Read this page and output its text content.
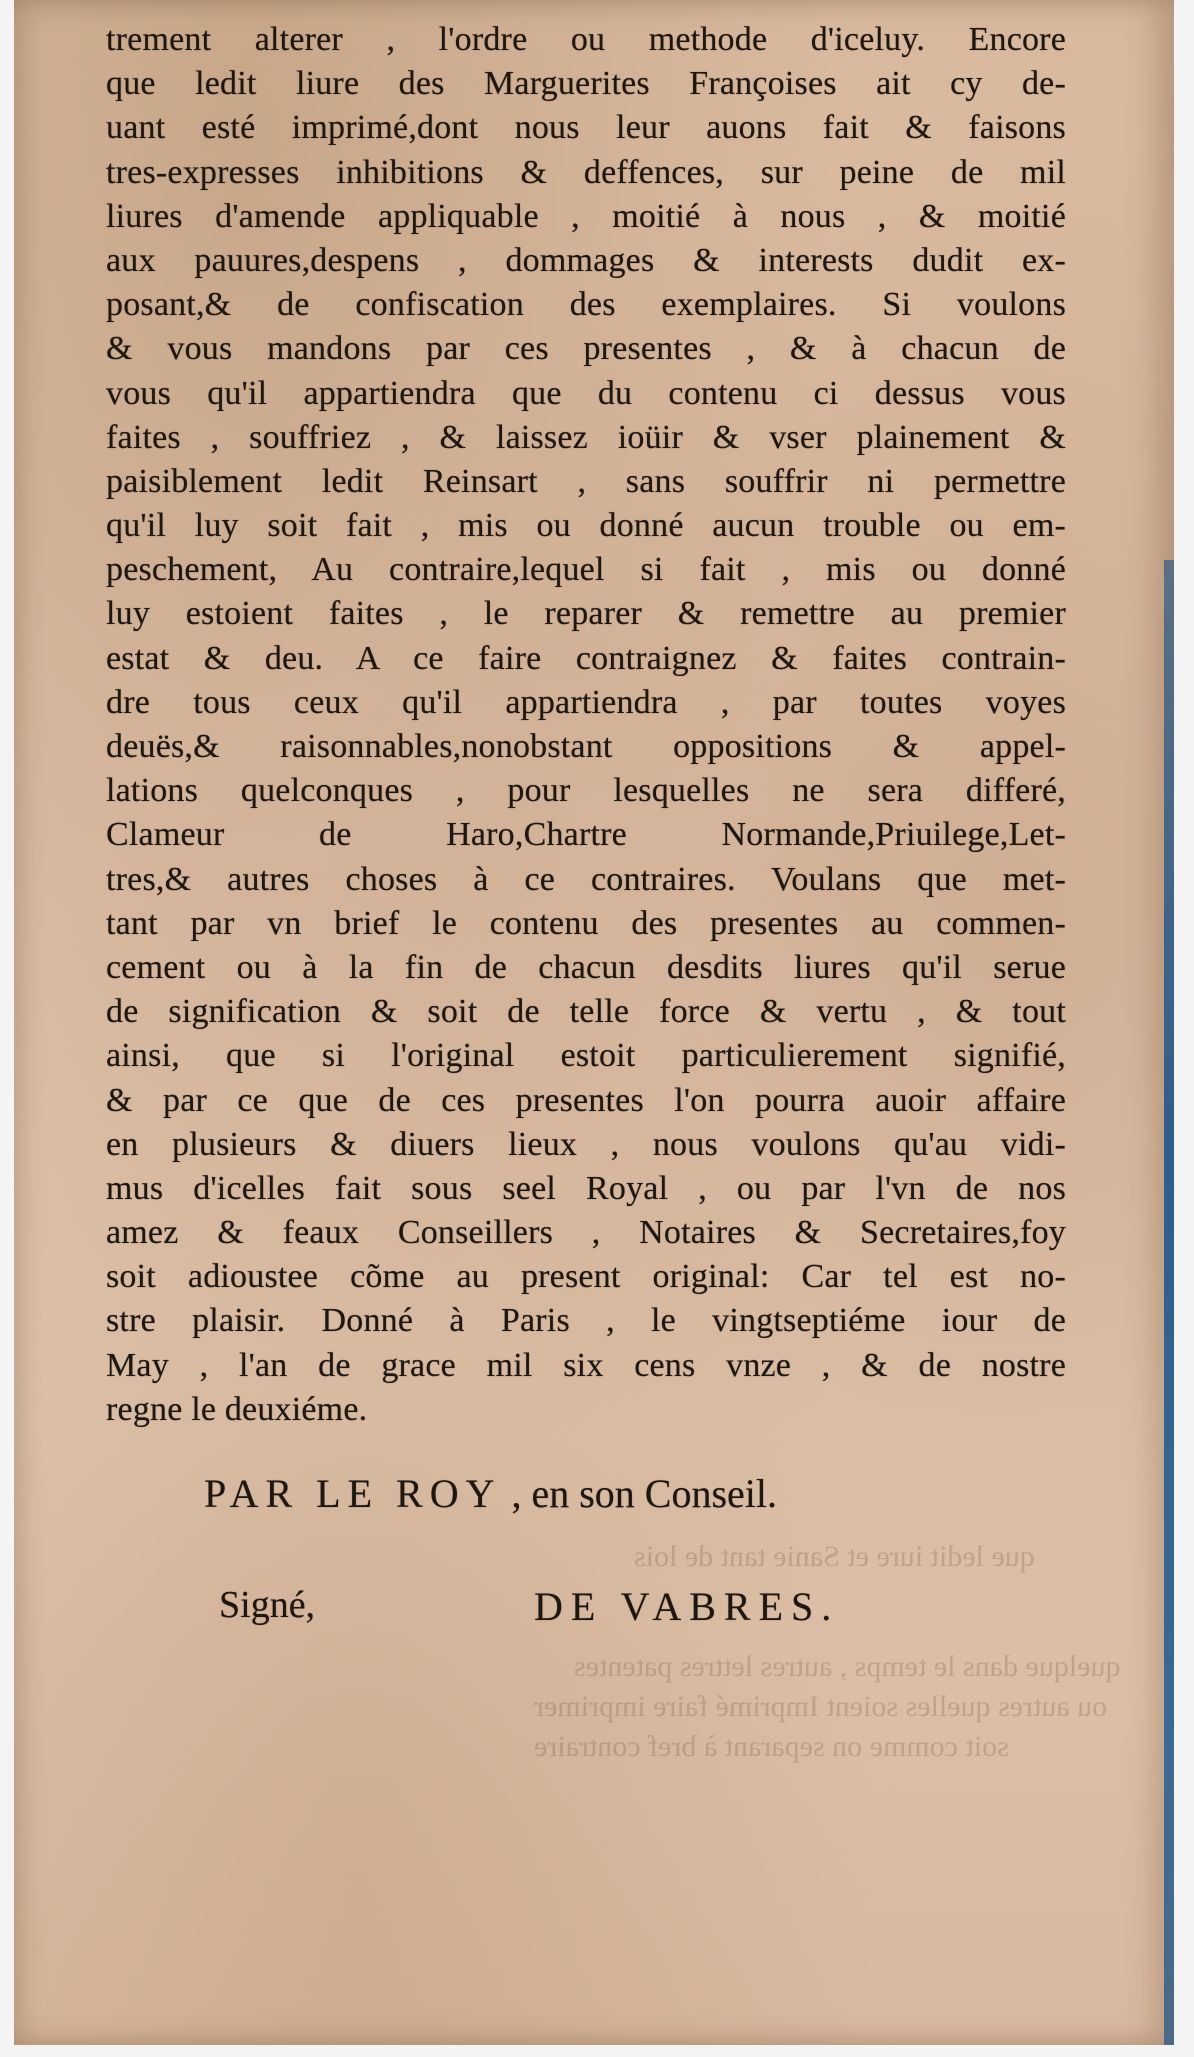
que ledit iure et Sanie tant de lois
quelque dans le temps , autres lettres patentes
ou autres quelles soient Imprimé faire imprimer
soit comme on separant à bref contraire
trement alterer , l'ordre ou methode d'iceluy. Encore
que ledit liure des Marguerites Françoises ait cy de-
uant esté imprimé,dont nous leur auons fait & faisons
tres-expresses inhibitions & deffences, sur peine de mil
liures d'amende appliquable , moitié à nous , & moitié
aux pauures,despens , dommages & interests dudit ex-
posant,& de confiscation des exemplaires. Si voulons
& vous mandons par ces presentes , & à chacun de
vous qu'il appartiendra que du contenu ci dessus vous
faites , souffriez , & laissez ioüir & vser plainement &
paisiblement ledit Reinsart , sans souffrir ni permettre
qu'il luy soit fait , mis ou donné aucun trouble ou em-
peschement, Au contraire,lequel si fait , mis ou donné
luy estoient faites , le reparer & remettre au premier
estat & deu. A ce faire contraignez & faites contrain-
dre tous ceux qu'il appartiendra , par toutes voyes
deuës,& raisonnables,nonobstant oppositions & appel-
lations quelconques , pour lesquelles ne sera differé,
Clameur de Haro,Chartre Normande,Priuilege,Let-
tres,& autres choses à ce contraires. Voulans que met-
tant par vn brief le contenu des presentes au commen-
cement ou à la fin de chacun desdits liures qu'il serue
de signification & soit de telle force & vertu , & tout
ainsi, que si l'original estoit particulierement signifié,
& par ce que de ces presentes l'on pourra auoir affaire
en plusieurs & diuers lieux , nous voulons qu'au vidi-
mus d'icelles fait sous seel Royal , ou par l'vn de nos
amez & feaux Conseillers , Notaires & Secretaires,foy
soit adioustee cõme au present original: Car tel est no-
stre plaisir. Donné à Paris , le vingtseptiéme iour de
May , l'an de grace mil six cens vnze , & de nostre
regne le deuxiéme.
PAR LE ROY , en son Conseil.
Signé,	DE VABRES.
